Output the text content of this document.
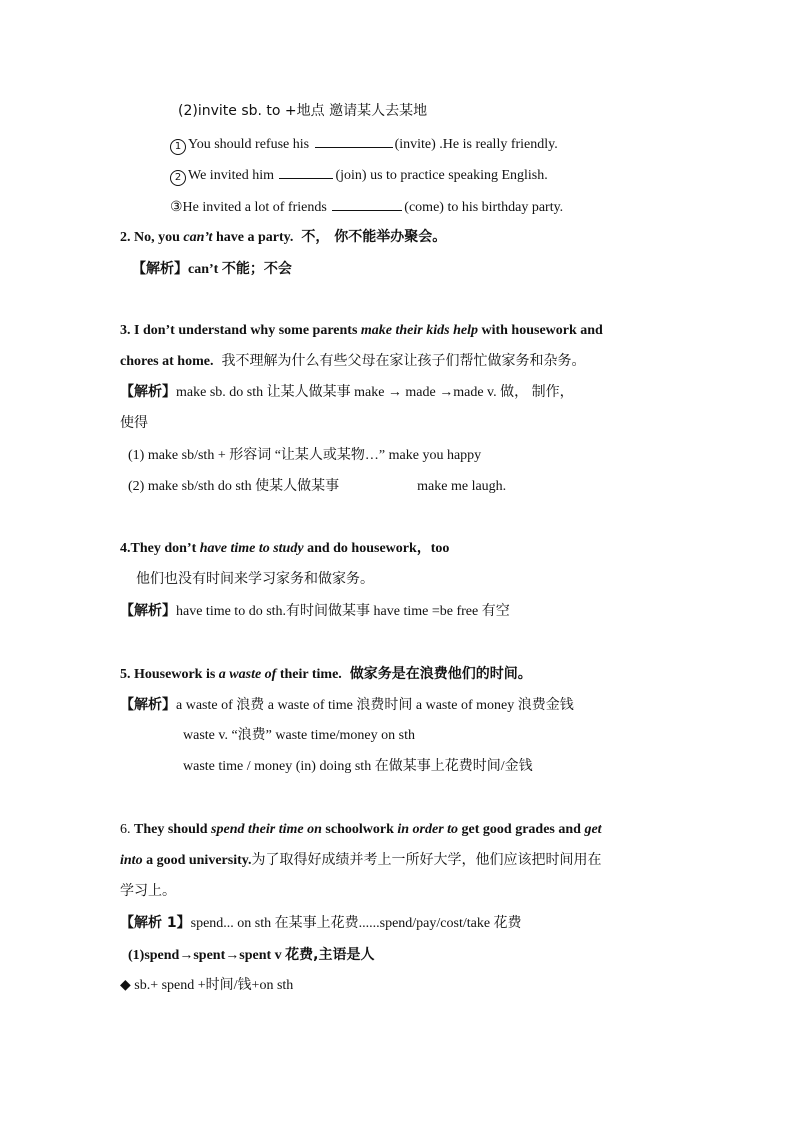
(2)invite sb. to +地点 邀请某人去某地
1 You should refuse his	(invite) .He is really friendly.
2 We invited him	(join) us to practice speaking English.
③He invited a lot of friends	(come) to his birthday party.
2. No, you can’t have a party. 不， 你不能举办聚会。
【解析】can’t 不能；不会
3. I don’t understand why some parents make their kids help with housework and
chores at home. 我不理解为什么有些父母在家让孩子们帮忙做家务和杂务。
【解析】make sb. do sth 让某人做某事 make → made →made v. 做， 制作，
使得
(1) make sb/sth + 形容词 “让某人或某物…” make you happy
(2) make sb/sth do sth 使某人做某事	make me laugh.
4.They don’t have time to study and do housework，too
他们也没有时间来学习家务和做家务。
【解析】have time to do sth.有时间做某事 have time =be free 有空
5. Housework is a waste of their time. 做家务是在浪费他们的时间。
【解析】a waste of 浪费 a waste of time 浪费时间 a waste of money 浪费金钱
waste v. “浪费” waste time/money on sth
waste time / money (in) doing sth 在做某事上花费时间/金钱
6. They should spend their time on schoolwork in order to get good grades and get
into a good university.为了取得好成绩并考上一所好大学，他们应该把时间用在
学习上。
【解析 1】spend... on sth 在某事上花费......spend/pay/cost/take 花费
(1)spend→spent→spent v 花费,主语是人
◆ sb.+ spend +时间/钱+on sth
